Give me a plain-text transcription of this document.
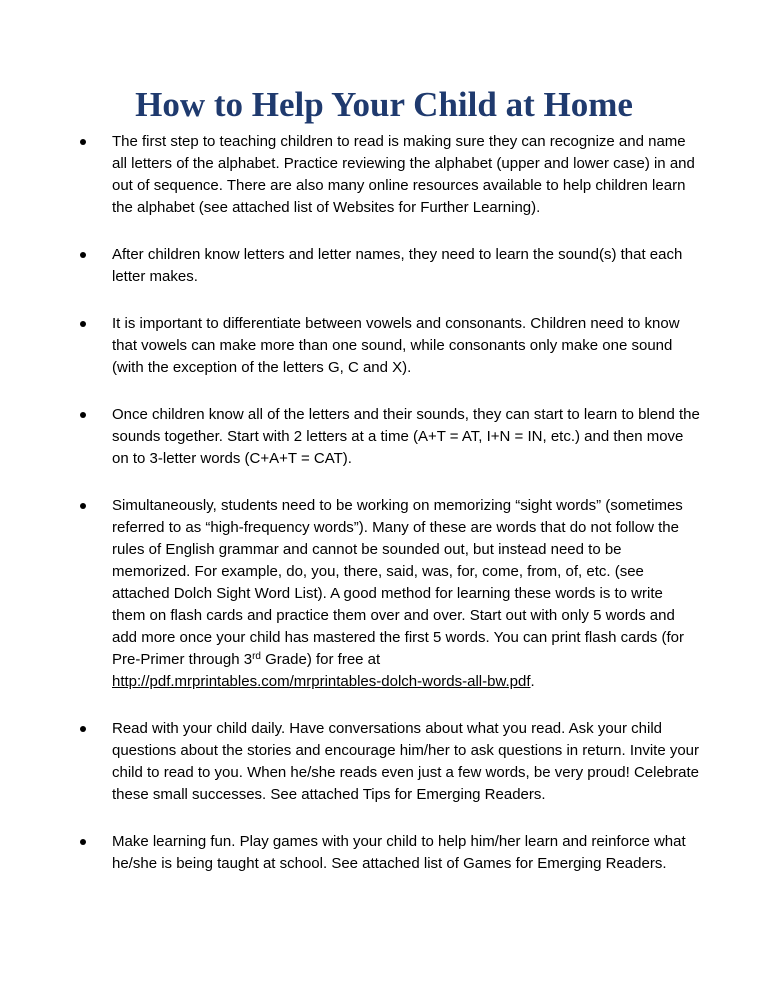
How to Help Your Child at Home
The first step to teaching children to read is making sure they can recognize and name all letters of the alphabet. Practice reviewing the alphabet (upper and lower case) in and out of sequence. There are also many online resources available to help children learn the alphabet (see attached list of Websites for Further Learning).
After children know letters and letter names, they need to learn the sound(s) that each letter makes.
It is important to differentiate between vowels and consonants. Children need to know that vowels can make more than one sound, while consonants only make one sound (with the exception of the letters G, C and X).
Once children know all of the letters and their sounds, they can start to learn to blend the sounds together. Start with 2 letters at a time (A+T = AT, I+N = IN, etc.) and then move on to 3-letter words (C+A+T = CAT).
Simultaneously, students need to be working on memorizing “sight words” (sometimes referred to as “high-frequency words”). Many of these are words that do not follow the rules of English grammar and cannot be sounded out, but instead need to be memorized. For example, do, you, there, said, was, for, come, from, of, etc. (see attached Dolch Sight Word List). A good method for learning these words is to write them on flash cards and practice them over and over. Start out with only 5 words and add more once your child has mastered the first 5 words. You can print flash cards (for Pre-Primer through 3rd Grade) for free at
http://pdf.mrprintables.com/mrprintables-dolch-words-all-bw.pdf.
Read with your child daily. Have conversations about what you read. Ask your child questions about the stories and encourage him/her to ask questions in return. Invite your child to read to you. When he/she reads even just a few words, be very proud! Celebrate these small successes. See attached Tips for Emerging Readers.
Make learning fun. Play games with your child to help him/her learn and reinforce what he/she is being taught at school. See attached list of Games for Emerging Readers.
